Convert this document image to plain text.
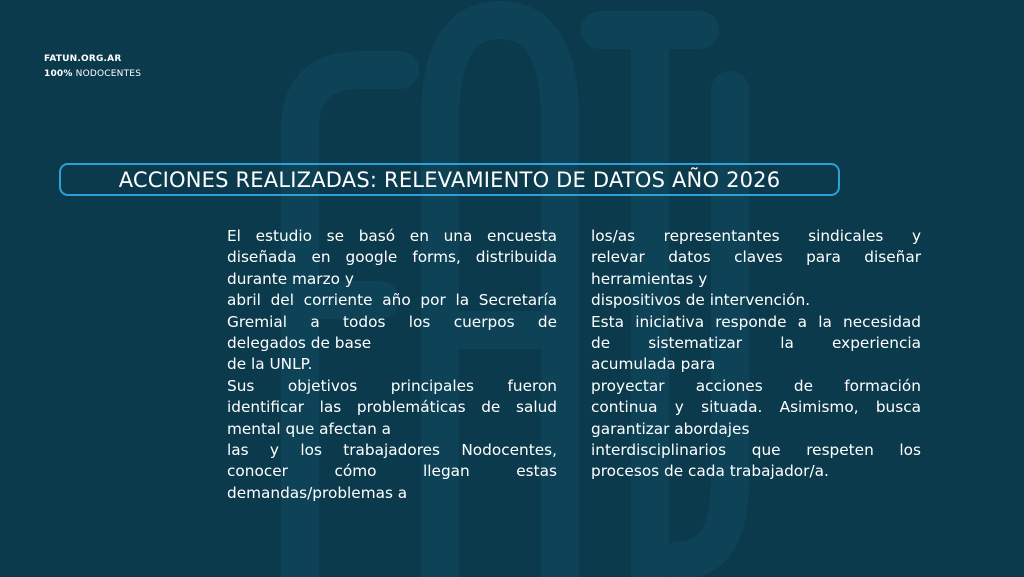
FATUN.ORG.AR
100% NODOCENTES
ACCIONES REALIZADAS: RELEVAMIENTO DE DATOS AÑO 2026
El estudio se basó en una encuesta
diseñada en google forms, distribuida
durante marzo y
abril del corriente año por la Secretaría
Gremial a todos los cuerpos de
delegados de base
de la UNLP.
Sus objetivos principales fueron
identificar las problemáticas de salud
mental que afectan a
las y los trabajadores Nodocentes,
conocer cómo llegan estas
demandas/problemas a
los/as representantes sindicales y
relevar datos claves para diseñar
herramientas y
dispositivos de intervención.
Esta iniciativa responde a la necesidad
de sistematizar la experiencia
acumulada para
proyectar acciones de formación
continua y situada. Asimismo, busca
garantizar abordajes
interdisciplinarios que respeten los
procesos de cada trabajador/a.
